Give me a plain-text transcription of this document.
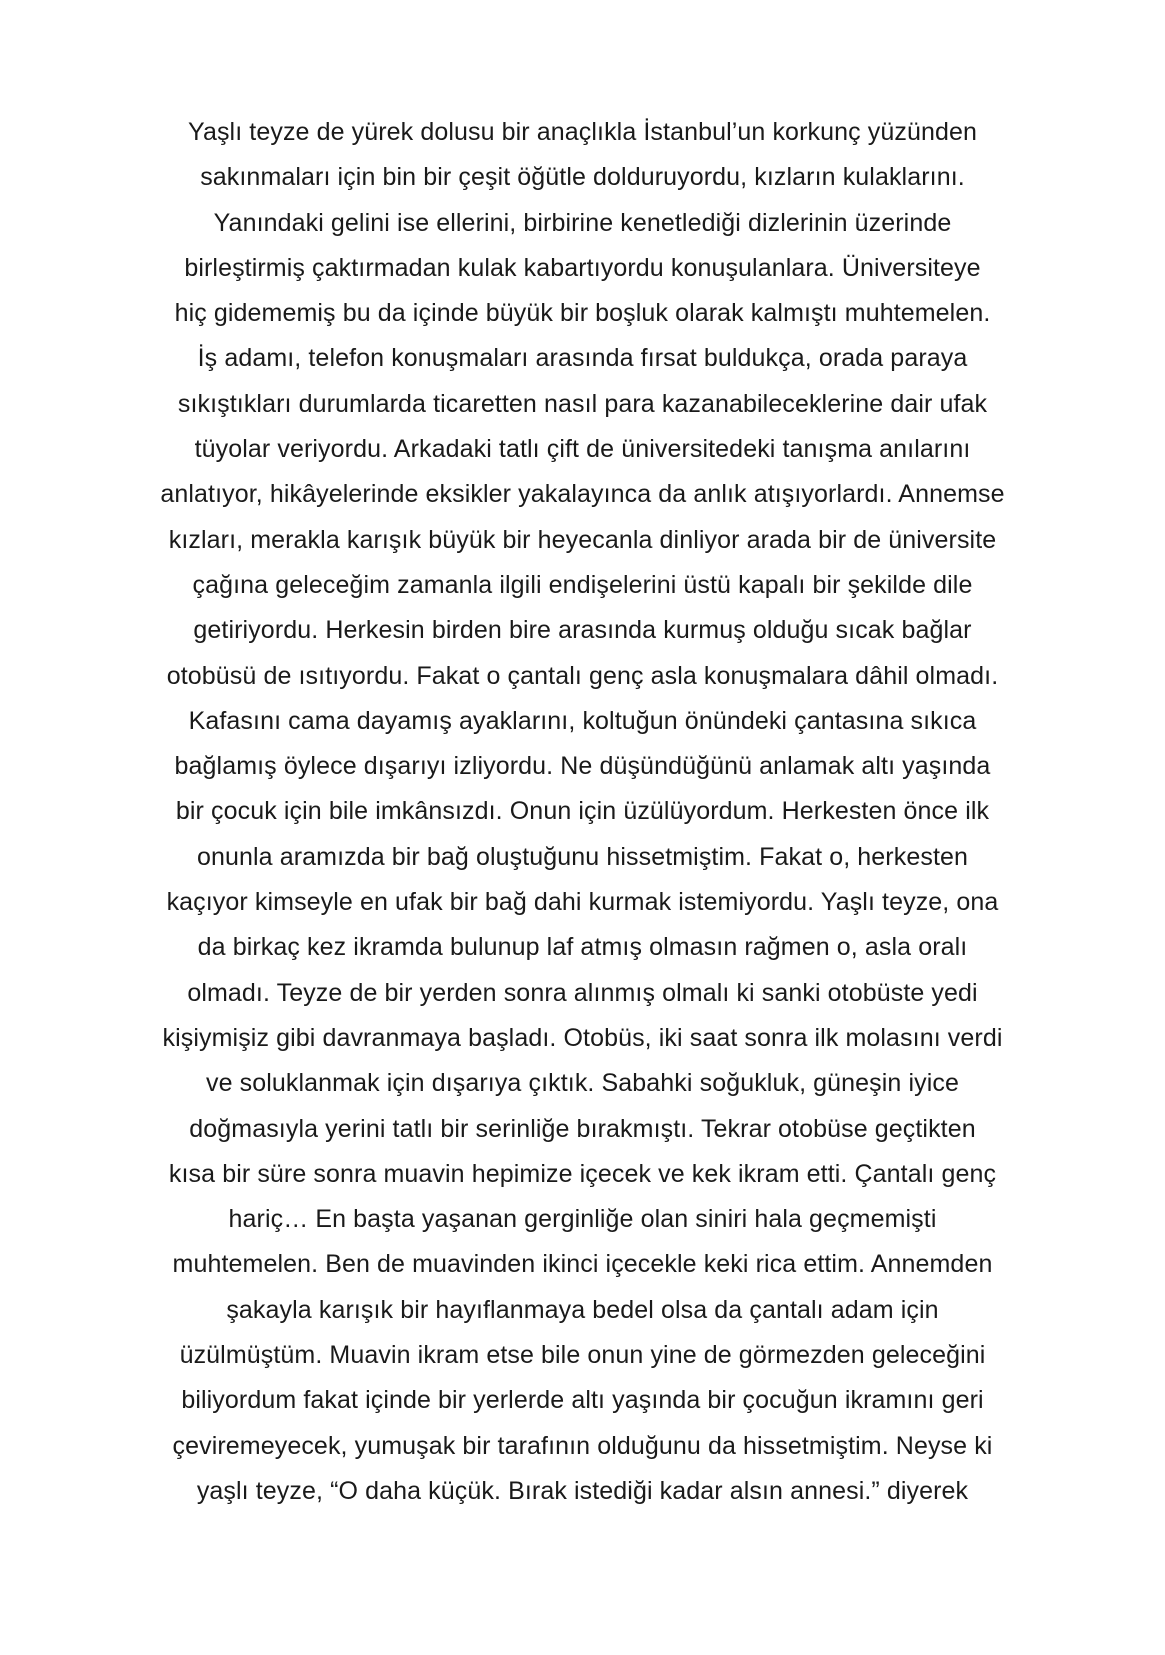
Yaşlı teyze de yürek dolusu bir anaçlıkla İstanbul’un korkunç yüzünden
sakınmaları için bin bir çeşit öğütle dolduruyordu, kızların kulaklarını.
Yanındaki gelini ise ellerini, birbirine kenetlediği dizlerinin üzerinde
birleştirmiş çaktırmadan kulak kabartıyordu konuşulanlara. Üniversiteye
hiç gidememiş bu da içinde büyük bir boşluk olarak kalmıştı muhtemelen.
İş adamı, telefon konuşmaları arasında fırsat buldukça, orada paraya
sıkıştıkları durumlarda ticaretten nasıl para kazanabileceklerine dair ufak
tüyolar veriyordu. Arkadaki tatlı çift de üniversitedeki tanışma anılarını
anlatıyor, hikâyelerinde eksikler yakalayınca da anlık atışıyorlardı. Annemse
kızları, merakla karışık büyük bir heyecanla dinliyor arada bir de üniversite
çağına geleceğim zamanla ilgili endişelerini üstü kapalı bir şekilde dile
getiriyordu. Herkesin birden bire arasında kurmuş olduğu sıcak bağlar
otobüsü de ısıtıyordu. Fakat o çantalı genç asla konuşmalara dâhil olmadı.
Kafasını cama dayamış ayaklarını, koltuğun önündeki çantasına sıkıca
bağlamış öylece dışarıyı izliyordu. Ne düşündüğünü anlamak altı yaşında
bir çocuk için bile imkânsızdı. Onun için üzülüyordum. Herkesten önce ilk
onunla aramızda bir bağ oluştuğunu hissetmiştim. Fakat o, herkesten
kaçıyor kimseyle en ufak bir bağ dahi kurmak istemiyordu. Yaşlı teyze, ona
da birkaç kez ikramda bulunup laf atmış olmasın rağmen o, asla oralı
olmadı. Teyze de bir yerden sonra alınmış olmalı ki sanki otobüste yedi
kişiymişiz gibi davranmaya başladı. Otobüs, iki saat sonra ilk molasını verdi
ve soluklanmak için dışarıya çıktık. Sabahki soğukluk, güneşin iyice
doğmasıyla yerini tatlı bir serinliğe bırakmıştı. Tekrar otobüse geçtikten
kısa bir süre sonra muavin hepimize içecek ve kek ikram etti. Çantalı genç
hariç… En başta yaşanan gerginliğe olan siniri hala geçmemişti
muhtemelen. Ben de muavinden ikinci içecekle keki rica ettim. Annemden
şakayla karışık bir hayıflanmaya bedel olsa da çantalı adam için
üzülmüştüm. Muavin ikram etse bile onun yine de görmezden geleceğini
biliyordum fakat içinde bir yerlerde altı yaşında bir çocuğun ikramını geri
çeviremeyecek, yumuşak bir tarafının olduğunu da hissetmiştim. Neyse ki
yaşlı teyze, “O daha küçük. Bırak istediği kadar alsın annesi.” diyerek
